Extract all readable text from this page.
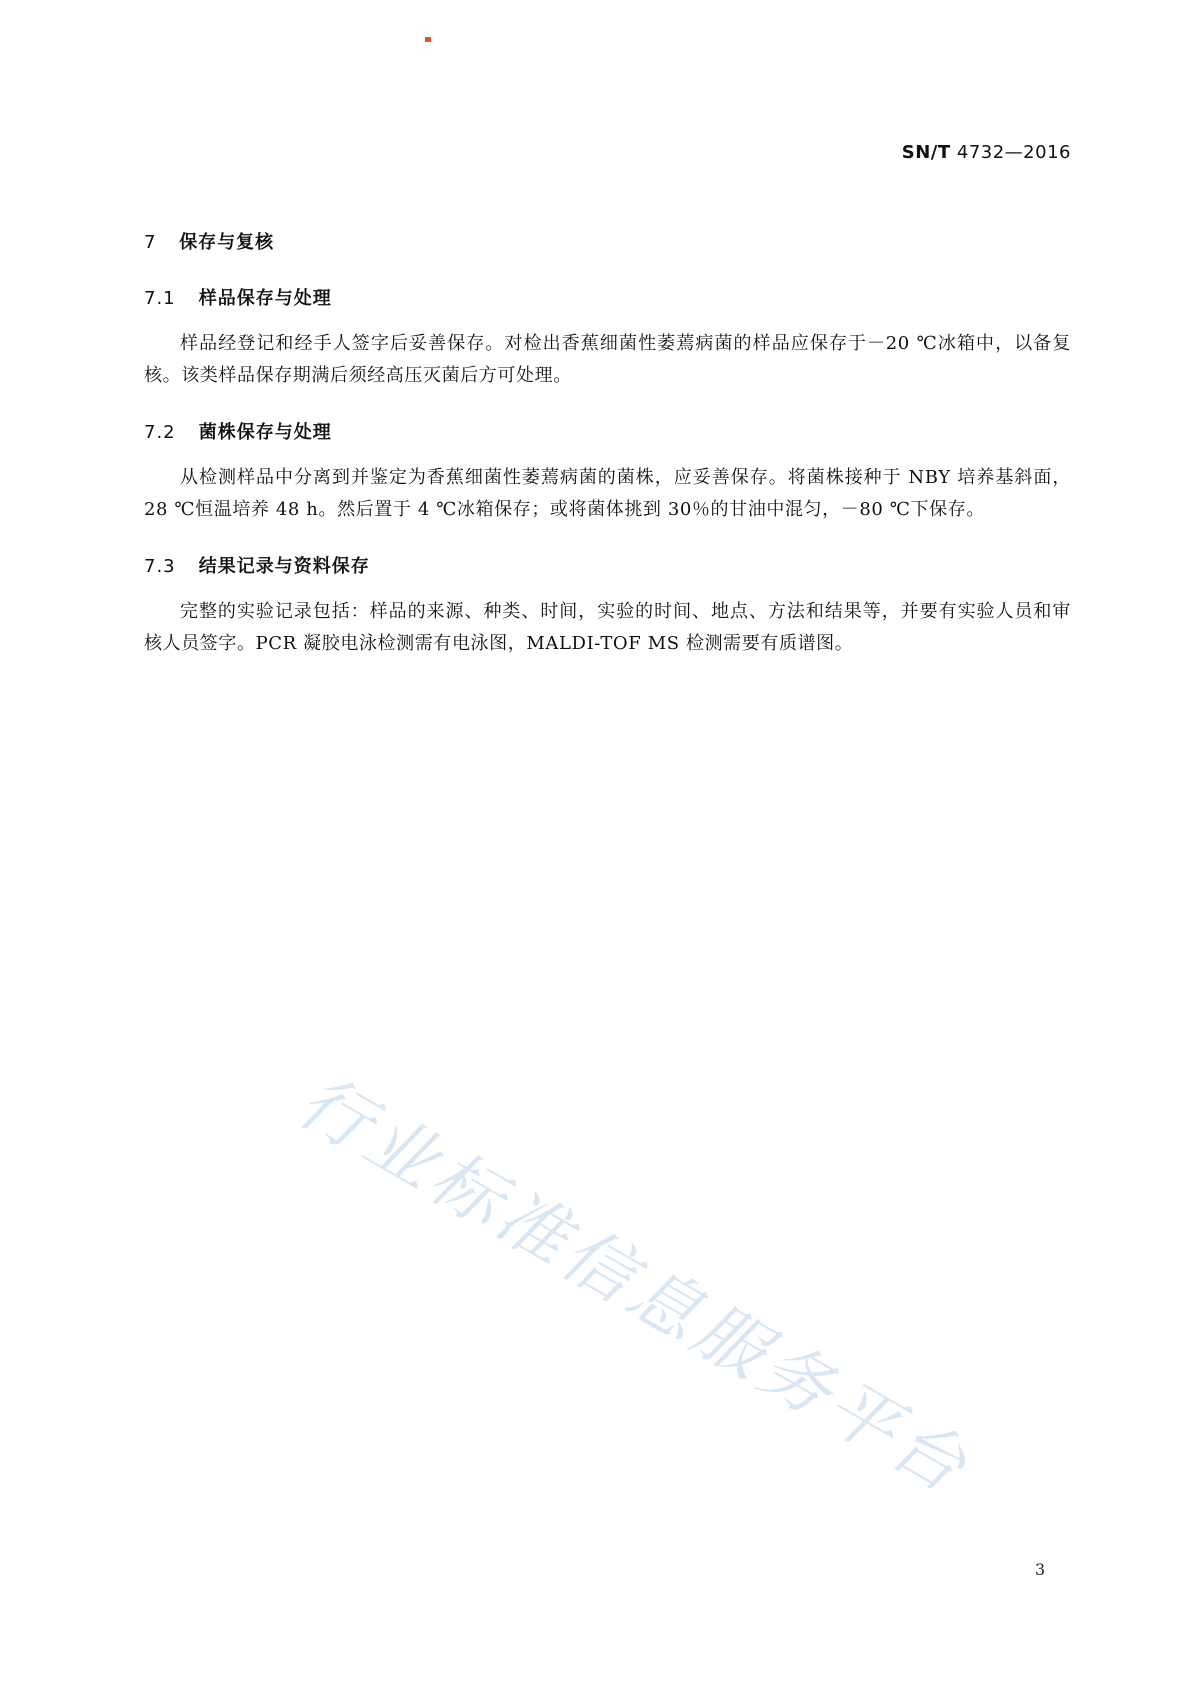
SN/T 4732—2016
7 保存与复核
7.1 样品保存与处理

样品经登记和经手人签字后妥善保存。对检出香蕉细菌性萎蔫病菌的样品应保存于－20 ℃冰箱中，以备复核。该类样品保存期满后须经高压灭菌后方可处理。

7.2 菌株保存与处理

从检测样品中分离到并鉴定为香蕉细菌性萎蔫病菌的菌株，应妥善保存。将菌株接种于 NBY 培养基斜面，28 ℃恒温培养 48 h。然后置于 4 ℃冰箱保存；或将菌体挑到 30％的甘油中混匀，－80 ℃下保存。

7.3 结果记录与资料保存

完整的实验记录包括：样品的来源、种类、时间，实验的时间、地点、方法和结果等，并要有实验人员和审核人员签字。PCR 凝胶电泳检测需有电泳图，MALDI-TOF MS 检测需要有质谱图。

行业标准信息服务平台
3
